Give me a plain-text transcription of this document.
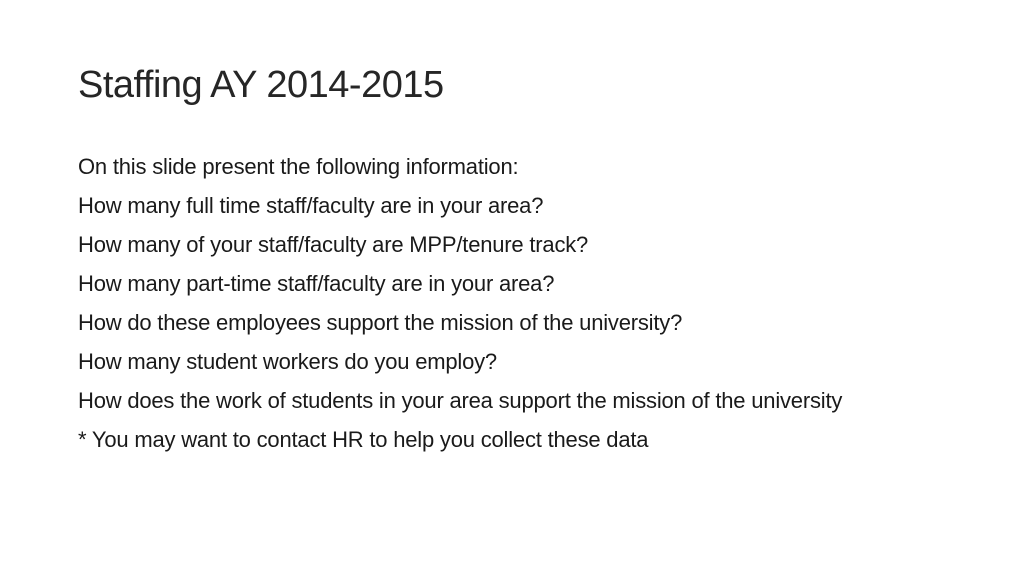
Staffing AY 2014-2015
On this slide present the following information:
How many full time staff/faculty are in your area?
How many of your staff/faculty are MPP/tenure track?
How many part-time staff/faculty are in your area?
How do these employees support the mission of the university?
How many student workers do you employ?
How does the work of students in your area support the mission of the university
* You may want to contact HR to help you collect these data
